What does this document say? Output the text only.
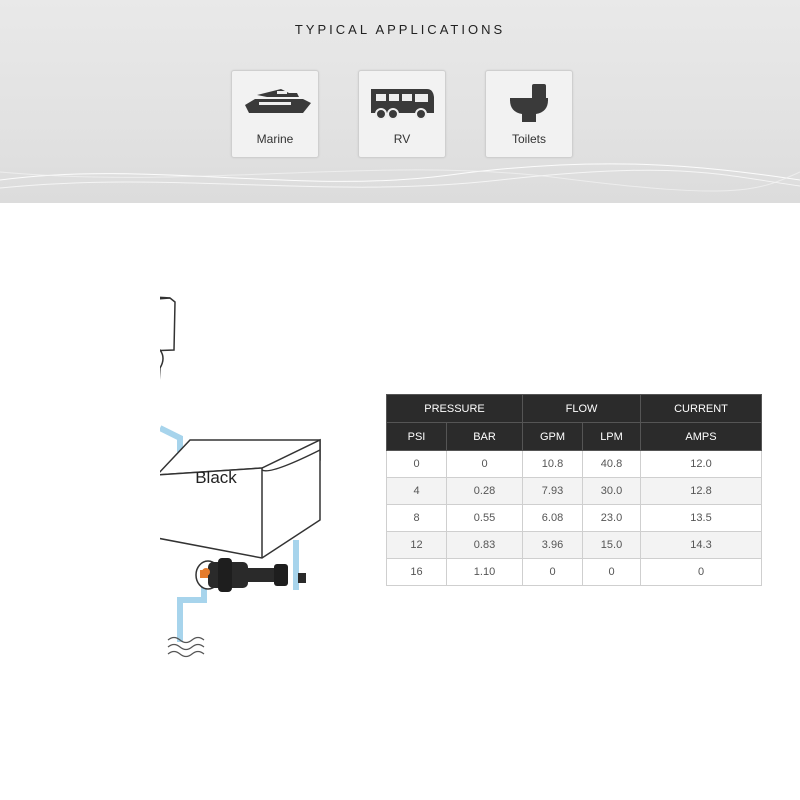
TYPICAL APPLICATIONS
Marine	RV	Toilets
Black
PRESSURE		FLOW		CURRENT
PSI	BAR	GPM	LPM	AMPS
0	0	10.8	40.8	12.0
4	0.28	7.93	30.0	12.8
8	0.55	6.08	23.0	13.5
12	0.83	3.96	15.0	14.3
16	1.10	0	0	0
